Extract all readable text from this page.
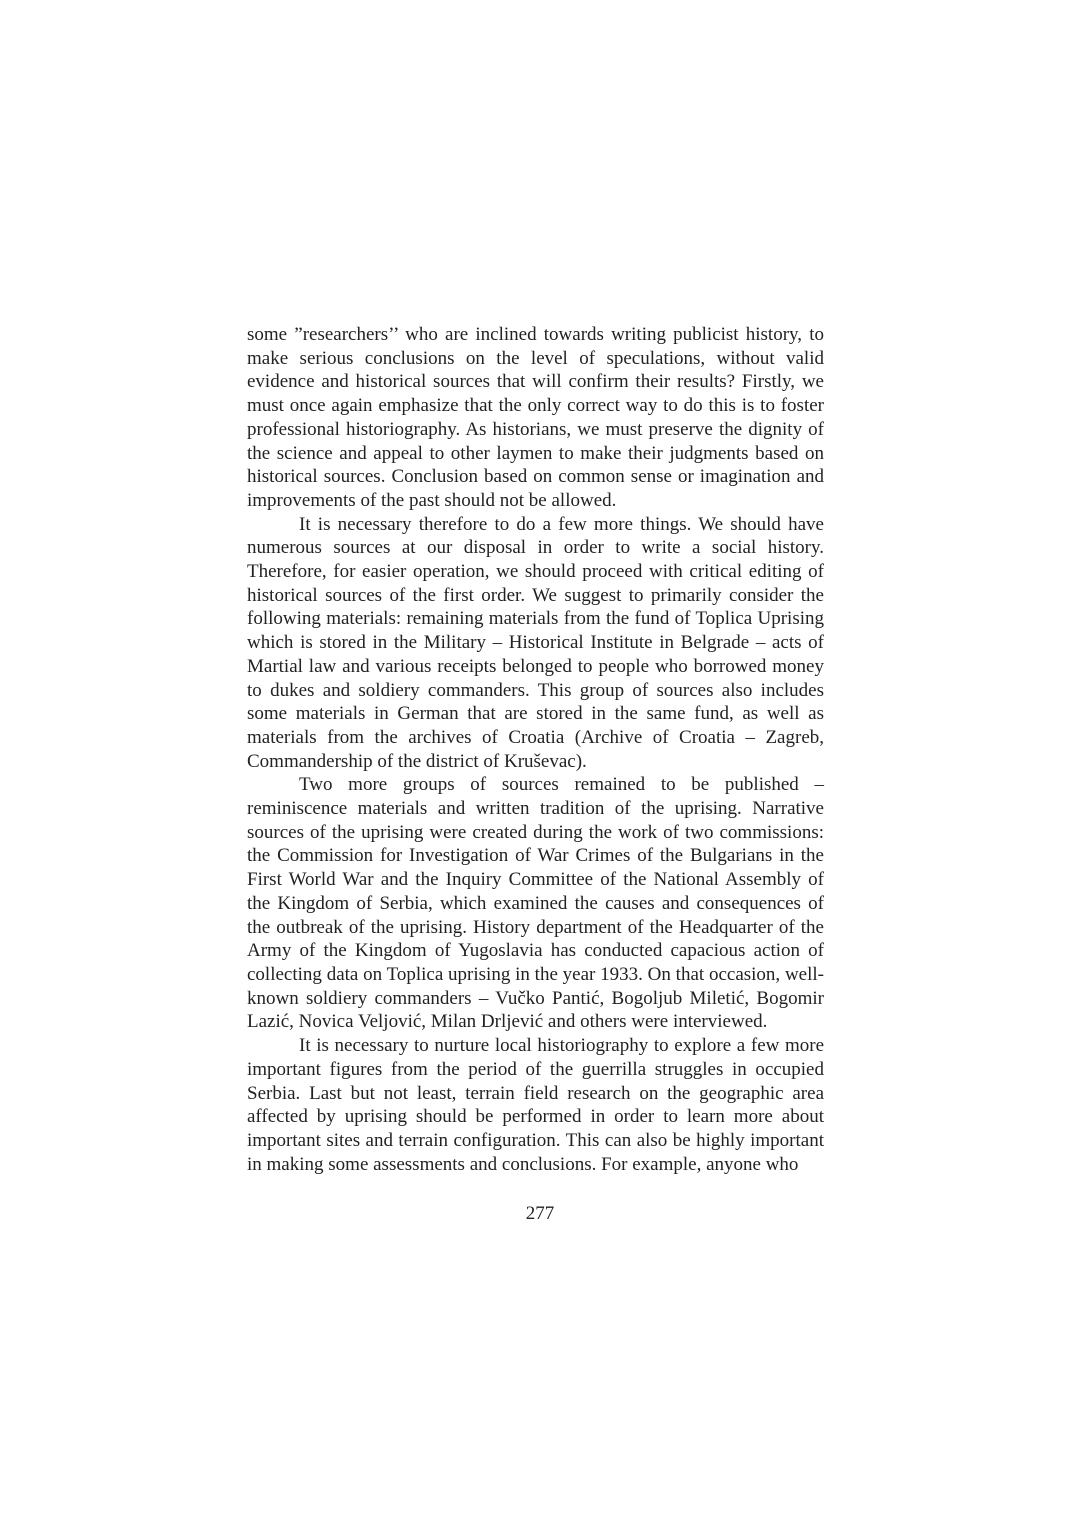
some ”researchers’’ who are inclined towards writing publicist history, to make serious conclusions on the level of speculations, without valid evidence and historical sources that will confirm their results? Firstly, we must once again emphasize that the only correct way to do this is to foster professional historiography. As historians, we must preserve the dignity of the science and appeal to other laymen to make their judgments based on historical sources. Conclusion based on common sense or imagination and improvements of the past should not be allowed.

It is necessary therefore to do a few more things. We should have numerous sources at our disposal in order to write a social history. Therefore, for easier operation, we should proceed with critical editing of historical sources of the first order. We suggest to primarily consider the following materials: remaining materials from the fund of Toplica Uprising which is stored in the Military – Historical Institute in Belgrade – acts of Martial law and various receipts belonged to people who borrowed money to dukes and soldiery commanders. This group of sources also includes some materials in German that are stored in the same fund, as well as materials from the archives of Croatia (Archive of Croatia – Zagreb, Commandership of the district of Kruševac).

Two more groups of sources remained to be published – reminiscence materials and written tradition of the uprising. Narrative sources of the uprising were created during the work of two commissions: the Commission for Investigation of War Crimes of the Bulgarians in the First World War and the Inquiry Committee of the National Assembly of the Kingdom of Serbia, which examined the causes and consequences of the outbreak of the uprising. History department of the Headquarter of the Army of the Kingdom of Yugoslavia has conducted capacious action of collecting data on Toplica uprising in the year 1933. On that occasion, well-known soldiery commanders – Vučko Pantić, Bogoljub Miletić, Bogomir Lazić, Novica Veljović, Milan Drljević and others were interviewed.

It is necessary to nurture local historiography to explore a few more important figures from the period of the guerrilla struggles in occupied Serbia. Last but not least, terrain field research on the geographic area affected by uprising should be performed in order to learn more about important sites and terrain configuration. This can also be highly important in making some assessments and conclusions. For example, anyone who

277
